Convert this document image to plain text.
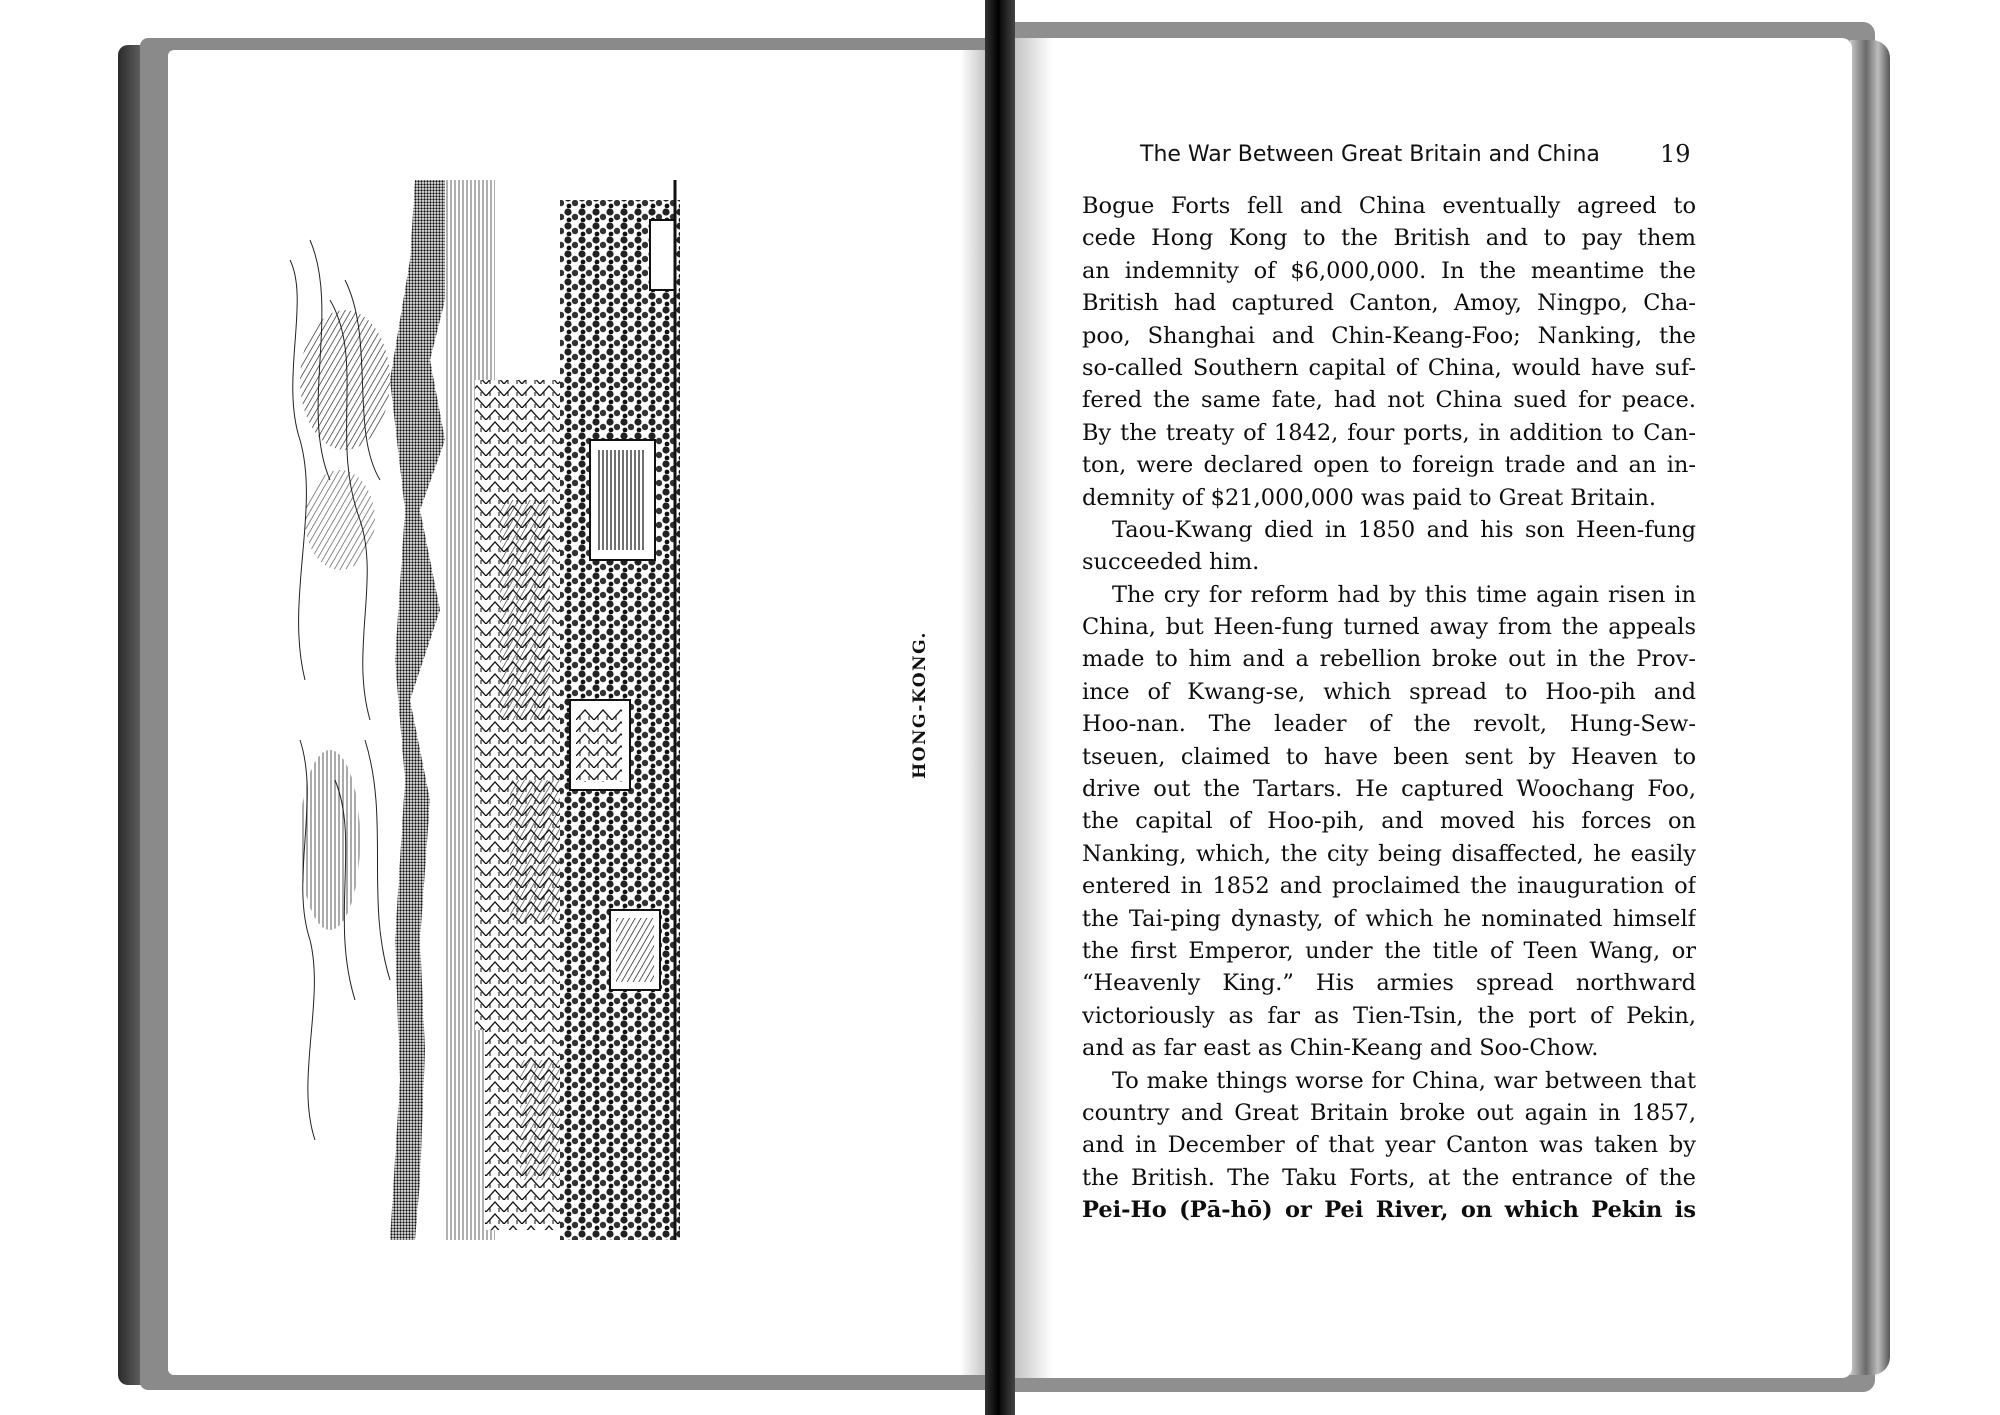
HONG-KONG.
The War Between Great Britain and China	19
Bogue Forts fell and China eventually agreed to
cede Hong Kong to the British and to pay them
an indemnity of $6,000,000. In the meantime the
British had captured Canton, Amoy, Ningpo, Cha-
poo, Shanghai and Chin-Keang-Foo; Nanking, the
so-called Southern capital of China, would have suf-
fered the same fate, had not China sued for peace.
By the treaty of 1842, four ports, in addition to Can-
ton, were declared open to foreign trade and an in-
demnity of $21,000,000 was paid to Great Britain.
Taou-Kwang died in 1850 and his son Heen-fung
succeeded him.
The cry for reform had by this time again risen in
China, but Heen-fung turned away from the appeals
made to him and a rebellion broke out in the Prov-
ince of Kwang-se, which spread to Hoo-pih and
Hoo-nan. The leader of the revolt, Hung-Sew-
tseuen, claimed to have been sent by Heaven to
drive out the Tartars. He captured Woochang Foo,
the capital of Hoo-pih, and moved his forces on
Nanking, which, the city being disaffected, he easily
entered in 1852 and proclaimed the inauguration of
the Tai-ping dynasty, of which he nominated himself
the first Emperor, under the title of Teen Wang, or
“Heavenly King.” His armies spread northward
victoriously as far as Tien-Tsin, the port of Pekin,
and as far east as Chin-Keang and Soo-Chow.
To make things worse for China, war between that
country and Great Britain broke out again in 1857,
and in December of that year Canton was taken by
the British. The Taku Forts, at the entrance of the
Pei-Ho (Pā-hō) or Pei River, on which Pekin is
